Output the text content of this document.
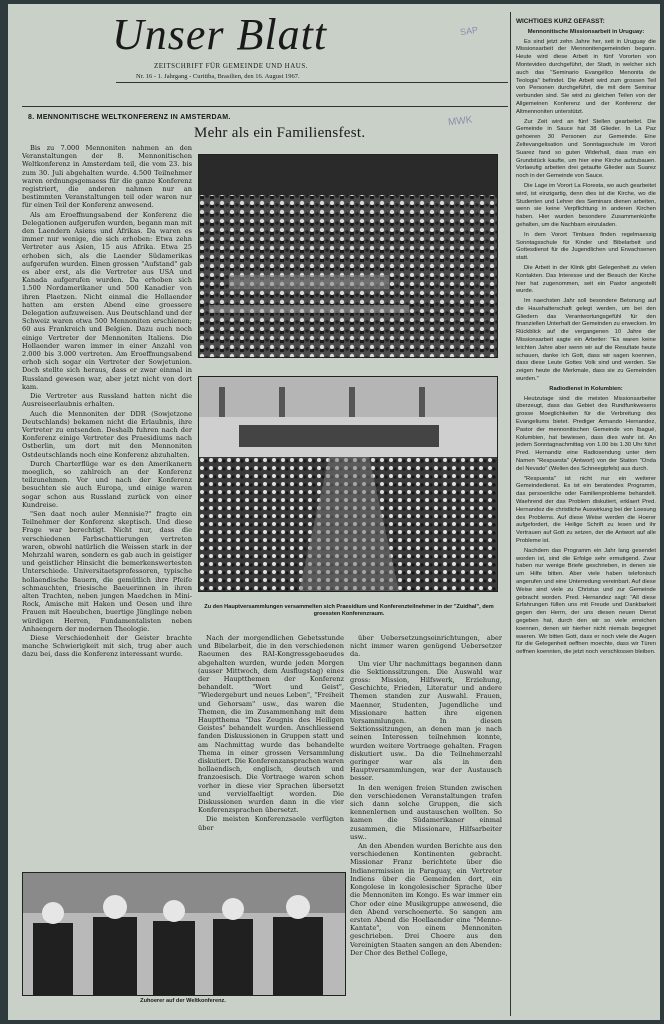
Unser Blatt
ZEITSCHRIFT FÜR GEMEINDE UND HAUS.
Nr. 16 - 1. Jahrgang - Curitiba, Brasilien, den 16. August 1967.
SAP
MWK
8. MENNONITISCHE WELTKONFERENZ IN AMSTERDAM.
Mehr als ein Familiensfest.

Bis zu 7.000 Mennoniten nahmen an den Veranstaltungen der 8. Mennonitischen Weltkonferenz in Amsterdam teil, die vom 23. bis zum 30. Juli abgehalten wurde. 4.500 Teilnehmer waren ordnungsgemaess für die ganze Konferenz registriert, die anderen nahmen nur an bestimmten Veranstaltungen teil oder waren nur für einen Teil der Konferenz anwesend.

Als am Eroeffnungsabend der Konferenz die Delegationen aufgerufen wurden, begann man mit den Laendern Asiens und Afrikas. Da waren es immer nur wenige, die sich erhoben: Etwa zehn Vertreter aus Asien, 15 aus Afrika. Etwa 25 erhoben sich, als die Laender Südamerikas aufgerufen wurden. Einen grossen "Aufstand" gab es aber erst, als die Vertreter aus USA und Kanada aufgerufen wurden. Da erhoben sich 1.500 Nordamerikaner und 500 Kanadier von ihren Plaetzen. Nicht einmal die Hollaender hatten am ersten Abend eine groessere Delegation aufzuweisen. Aus Deutschland und der Schweiz waren etwa 500 Mennoniten erschienen; 60 aus Frankreich und Belgien. Dazu auch noch einige Vertreter der Mennoniten Italiens. Die Hollaender waren immer in einer Anzahl von 2.000 bis 3.000 vertreten. Am Eroeffnungsabend erhob sich sogar ein Vertreter der Sowjetunion. Doch stellte sich heraus, dass er zwar einmal in Russland gewesen war, aber jetzt nicht von dort kam.

Die Vertreter aus Russland hatten nicht die Ausreiseerlaubnis erhalten.

Auch die Mennoniten der DDR (Sowjetzone Deutschlands) bekamen nicht die Erlaubnis, ihre Vertreter zu entsenden. Deshalb fuhren nach der Konferenz einige Vertreter des Praesidiums nach Ostberlin, um dort mit den Mennoniten Ostdeutschlands noch eine Konferenz abzuhalten.

Durch Charterflüge war es den Amerikanern moeglich, so zahlreich an der Konferenz teilzunehmen. Vor und nach der Konferenz besuchten sie auch Europa, und einige waren sogar schon aus Russland zurück von einer Kundreise.

"Sen daat noch auler Mennisie?" fragte ein Teilnehmer der Konferenz skeptisch. Und diese Frage war berechtigt. Nicht nur, dass die verschiedenen Farbschattierungen vertreten waren, obwohl natürlich die Weissen stark in der Mehrzahl waren, sondern es gab auch in geistiger und geistlicher Hinsicht die bemerkenswertesten Unterschiede. Universitaetsprofessoren, typische hollaendische Bauern, die gemütlich ihre Pfeife schmauchten, friesische Baeuerinnen in ihren alten Trachten, neben jungen Maedchen in Mini-Rock, Amische mit Haken und Oesen und ihre Frauen mit Haeubchen, buertige Jünglinge neben würdigen Herren, Fundamentalisten neben Anhaengern der modernen Theologie.

Diese Verschiedenheit der Geister brachte manche Schwierigkeit mit sich, trug aber auch dazu bei, dass die Konferenz interessant wurde.

Zu den Hauptversammlungen versammelten sich Praesidium und Konferenzteilnehmer in der "Zuidhal", dem groessten Konferenzraum.

Nach der morgendlichen Gebetsstunde und Bibelarbeit, die in den verschiedenen Raeumen des RAI-Kongressgebaeudes abgehalten wurden, wurde jeden Morgen (ausser Mittwoch, dem Ausflugstag) eines der Hauptthemen der Konferenz behandelt. "Wort und Geist", "Wiedergeburt und neues Leben", "Freiheit und Gehorsam" usw., das waren die Themen, die im Zusammenhang mit dem Hauptthema "Das Zeugnis des Heiligen Geistes" behandelt wurden. Anschliessend fanden Diskussionen in Gruppen statt und am Nachmittag wurde das behandelte Thema in einer grossen Versammlung diskutiert. Die Konferenzansprachen waren hollaendisch, englisch, deutsch und franzoesisch. Die Vortraege waren schon vorher in diese vier Sprachen übersetzt und vervielfaeltigt worden. Die Diskussionen wurden dann in die vier Konferenzsprachen übersetzt.

Die meisten Konferenzsaele verfügten über

über Uebersetzungseinrichtungen, aber nicht immer waren genügend Uebersetzer da.

Um vier Uhr nachmittags begannen dann die Sektionssitzungen. Die Auswahl war gross: Mission, Hilfswerk, Erziehung, Geschichte, Frieden, Literatur und andere Themen standen zur Auswahl. Frauen, Maenner, Studenten, Jugendliche und Missionare hatten ihre eigenen Versammlungen. In diesen Sektionssitzungen, an denen man je nach seinen Interessen teilnehmen konnte, wurden weitere Vortraege gehalten. Fragen diskutiert usw.. Da die Teilnehmerzahl geringer war als in den Hauptversammlungen, war der Austausch besser.

In den wenigen freien Stunden zwischen den verschiedenen Veranstaltungen trafen sich dann solche Gruppen, die sich kennenlernen und austauschen wollten. So kamen die Südamerikaner einmal zusammen, die Missionare, Hilfsarbeiter usw..

An den Abenden wurden Berichte aus den verschiedenen Kontinenten gebracht. Missionar Franz berichtete über die Indianermission in Paraguay, ein Vertreter Indiens über die Gemeinden dort, ein Kongolese in kongolesischer Sprache über die Mennoniten im Kongo. Es war immer ein Chor oder eine Musikgruppe anwesend, die den Abend verschoenerte. So sangen am ersten Abend die Hoellaender eine "Menno-Kantate", von einem Mennoniten geschrieben. Drei Choere aus den Vereinigten Staaten sangen an den Abenden: Der Chor des Bethel College,

Zuhoerer auf der Weltkonferenz.
WICHTIGES KURZ GEFASST:
Mennonitische Missionsarbeit in Uruguay:

Es sind jetzt zehn Jahre her, seit in Uruguay die Missionsarbeit der Mennonitengemeinden begann. Heute wird diese Arbeit in fünf Vororten von Montevideo durchgeführt, der Stadt, in welcher sich auch das "Seminario Evangélico Menonita de Teologia" befindet. Die Arbeit wird zum grossen Teil von Personen durchgeführt, die mit dem Seminar verbunden sind. Sie wird zu gleichen Teilen von der Allgemeinen Konferenz und der Konferenz der Altmennoniten unterstützt.

Zur Zeit wird an fünf Stellen gearbeitet. Die Gemeinde in Sauce hat 38 Glieder. In La Paz gehoeren 30 Personen zur Gemeinde. Eine Zeltevangelisation und Sonntagsschule im Vorort Suarez fand so guten Widerhall, dass man ein Grundstück kaufte, um hier eine Kirche aufzubauen. Vorlaeufig arbeiten drei getaufte Glieder aus Suarez noch in der Gemeinde von Sauce.

Die Lage im Vorort La Floresta, wo auch gearbeitet wird, ist einzigartig, denn dies ist die Kirche, wo die Studenten und Lehrer des Seminars dienen arbeiten, wenn sie keine Verpflichtung in anderen Kirchen haben. Hier wurden besondere Zusammenkünfte gehalten, um die Nachbarn einzuladen.

In dem Vorort Timbues finden regelmaessig Sonntagsschule für Kinder und Bibelarbeit und Gottesdienst für die Jugendlichen und Erwachsenen statt.

Die Arbeit in der Klinik gibt Gelegenheit zu vielen Kontakten. Das Interesse und der Besuch der Kirche hier hat zugenommen, seit ein Pastor angestellt wurde.

Im naechsten Jahr soll besondere Betonung auf die Haushalterschaft gelegt werden, um bei den Gliedern das Verantwortungsgefühl für den finanziellen Unterhalt der Gemeinden zu erwecken. Im Rückblick auf die vergangenen 10 Jahre der Missionsarbeit sagte ein Arbeiter: "Es waren keine leichten Jahre aber wenn wir auf die Resultate heute schauen, danke ich Gott, dass wir sagen koennen, dass diese Leute Gottes Volk sind und werden. Sie zeigen heute die Merkmale, dass sie zu Gemeinden wurden."

Radiodienst in Kolumbien:

Heutzutage sind die meisten Missionsarbeiter überzeugt, dass das Gebiet des Rundfunkwesens grosse Moeglichkeiten für die Verbreitung des Evangeliums bietet. Prediger Armando Hernandez, Pastor der mennonitischen Gemeinde von Ibagué, Kolumbien, hat bewiesen, dass dies wahr ist. An jedem Sonntagnachmittag von 1.00 bis 1.30 Uhr führt Pred. Hernandiz eine Radiosendung unter dem Namen "Respuesta" (Antwort) von der Station "Onda del Nevado" (Wellen des Schneegipfels) aus durch.

"Respuesta" ist nicht nur ein weiterer Gemeindedienst. Es ist ein beratendes Programm, das persoenliche oder Familienprobleme behandelt. Waehrend der das Problem diskutiert, erklaert Pred. Hernandez die christliche Auswirkung bei der Loesung des Problems. Auf diese Weise werden die Hoerer aufgefordert, die Heilige Schrift zu lesen und ihr Vertrauen auf Gott zu setzen, der die Antwort auf alle Probleme ist.

Nachdem das Programm ein Jahr lang gesendet worden ist, sind die Erfolge sehr ermutigend. Zwar haben nur wenige Briefe geschrieben, in denen sie um Hilfe bitten. Aber viele haben telefonisch angerufen und eine Unterredung vereinbart. Auf diese Weise sind viele zu Christus und zur Gemeinde gebracht worden. Pred. Hernandez sagt: "All diese Erfahrungen füllen uns mit Freude und Dankbarkeit gegen den Herrn, der uns diesen neuen Dienst gegeben hat, durch den wir so viele erreichen koennen, denen wir hierher nicht niemals begegnet waeren. Wir bitten Gott, dass er noch viele die Augen für die Gelegenheit oeffnen moechte, dass wir Türen oeffnen koennten, die jetzt noch verschlossen bleiben.
